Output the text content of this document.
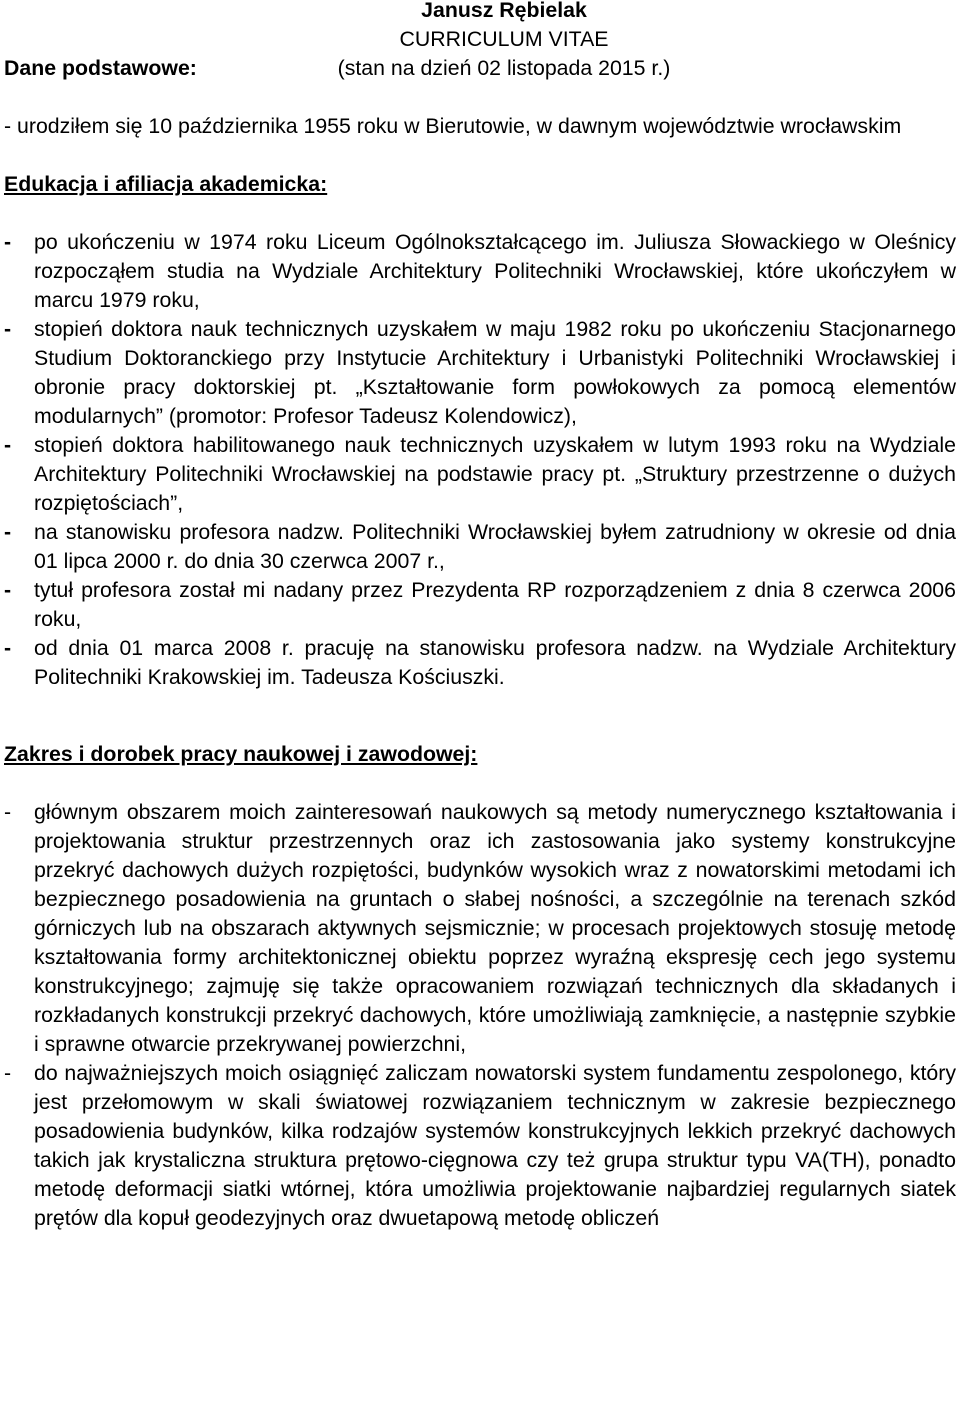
Janusz Rębielak
CURRICULUM VITAE
(stan na dzień 02 listopada 2015 r.)
Dane podstawowe:

- urodziłem się 10 października 1955 roku w Bierutowie, w dawnym województwie wrocławskim

Edukacja i afiliacja akademicka:
-	po ukończeniu w 1974 roku Liceum Ogólnokształcącego im. Juliusza Słowackiego w Oleśnicy rozpocząłem studia na Wydziale Architektury Politechniki Wrocławskiej, które ukończyłem w marcu 1979 roku,
-	stopień doktora nauk technicznych uzyskałem w maju 1982 roku po ukończeniu Stacjonarnego Studium Doktoranckiego przy Instytucie Architektury i Urbanistyki Politechniki Wrocławskiej i obronie pracy doktorskiej pt. „Kształtowanie form powłokowych za pomocą elementów modularnych” (promotor: Profesor Tadeusz Kolendowicz),
-	stopień doktora habilitowanego nauk technicznych uzyskałem w lutym 1993 roku na Wydziale Architektury Politechniki Wrocławskiej na podstawie pracy pt. „Struktury przestrzenne o dużych rozpiętościach”,
-	na stanowisku profesora nadzw. Politechniki Wrocławskiej byłem zatrudniony w okresie od dnia 01 lipca 2000 r. do dnia 30 czerwca 2007 r.,
-	tytuł profesora został mi nadany przez Prezydenta RP rozporządzeniem z dnia 8 czerwca 2006 roku,
-	od dnia 01 marca 2008 r. pracuję na stanowisku profesora nadzw. na Wydziale Architektury Politechniki Krakowskiej im. Tadeusza Kościuszki.
Zakres i dorobek pracy naukowej i zawodowej:
-	głównym obszarem moich zainteresowań naukowych są metody numerycznego kształtowania i projektowania struktur przestrzennych oraz ich zastosowania jako systemy konstrukcyjne przekryć dachowych dużych rozpiętości, budynków wysokich wraz z nowatorskimi metodami ich bezpiecznego posadowienia na gruntach o słabej nośności, a szczególnie na terenach szkód górniczych lub na obszarach aktywnych sejsmicznie; w procesach projektowych stosuję metodę kształtowania formy architektonicznej obiektu poprzez wyraźną ekspresję cech jego systemu konstrukcyjnego; zajmuję się także opracowaniem rozwiązań technicznych dla składanych i rozkładanych konstrukcji przekryć dachowych, które umożliwiają zamknięcie, a następnie szybkie i sprawne otwarcie przekrywanej powierzchni,
-	do najważniejszych moich osiągnięć zaliczam nowatorski system fundamentu zespolonego, który jest przełomowym w skali światowej rozwiązaniem technicznym w zakresie bezpiecznego posadowienia budynków, kilka rodzajów systemów konstrukcyjnych lekkich przekryć dachowych takich jak krystaliczna struktura prętowo-cięgnowa czy też grupa struktur typu VA(TH), ponadto metodę deformacji siatki wtórnej, która umożliwia projektowanie najbardziej regularnych siatek prętów dla kopuł geodezyjnych oraz dwuetapową metodę obliczeń
